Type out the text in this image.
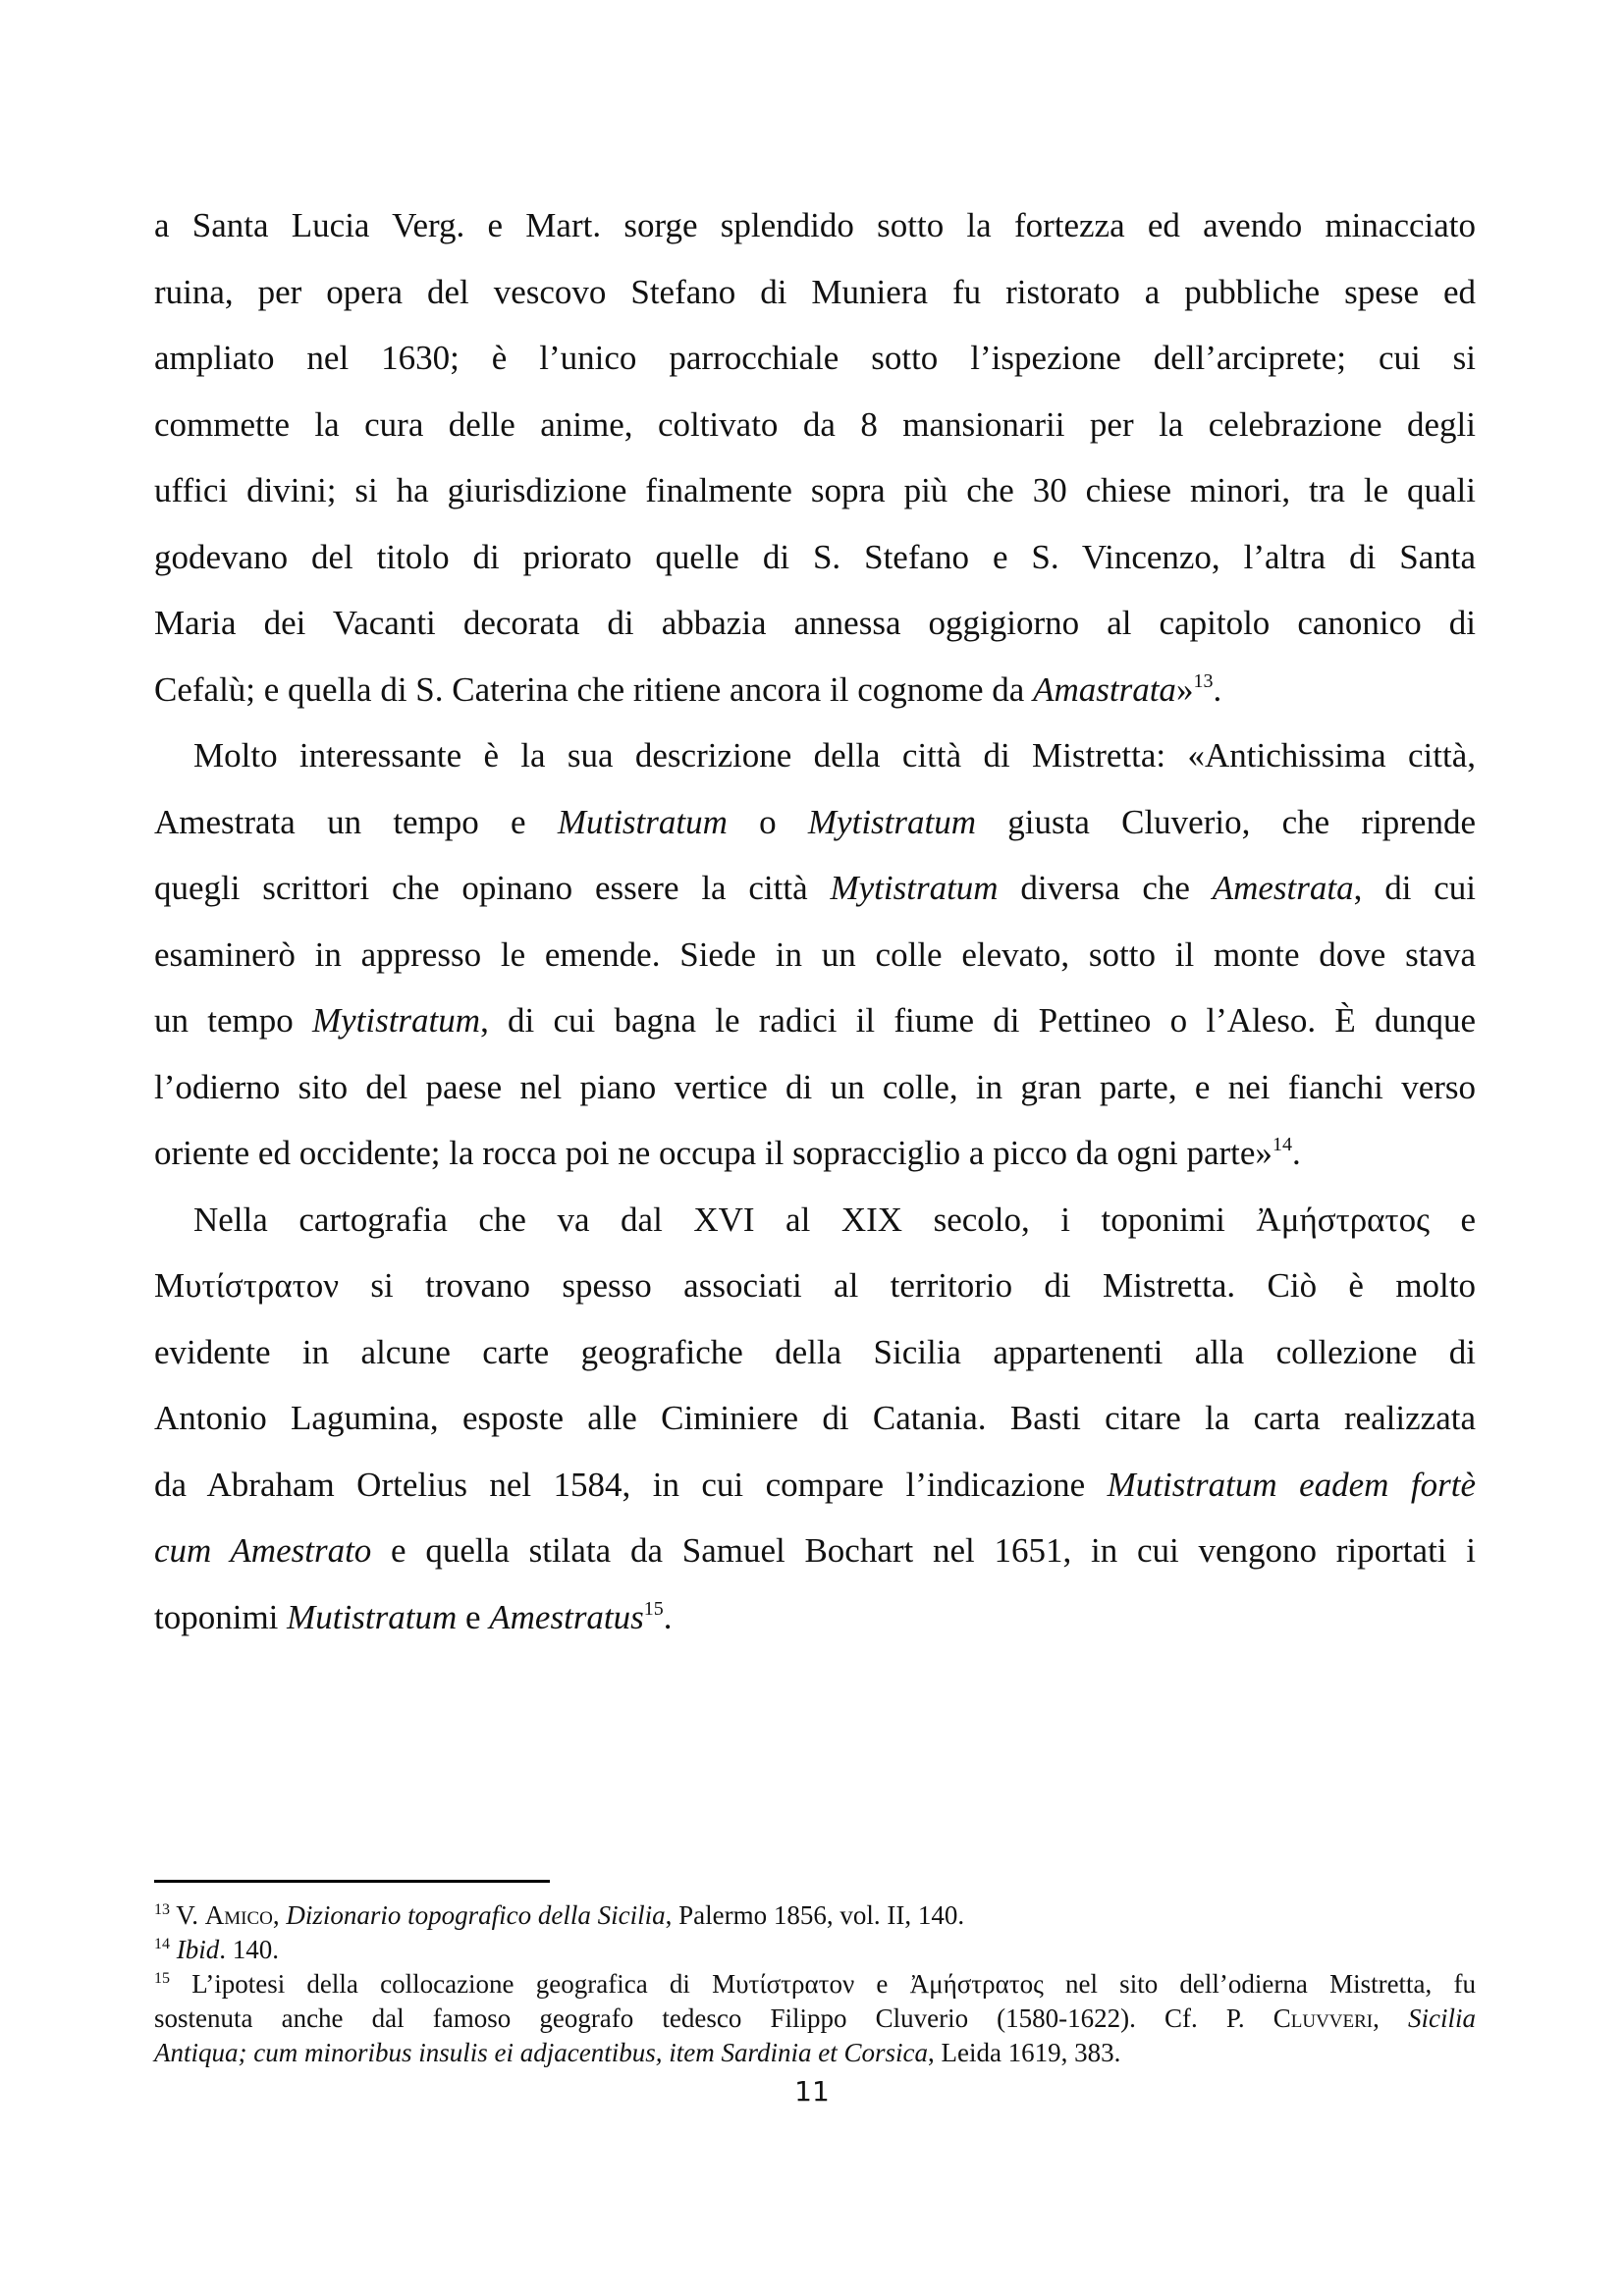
a Santa Lucia Verg. e Mart. sorge splendido sotto la fortezza ed avendo minacciato
ruina, per opera del vescovo Stefano di Muniera fu ristorato a pubbliche spese ed
ampliato nel 1630; è l’unico parrocchiale sotto l’ispezione dell’arciprete; cui si
commette la cura delle anime, coltivato da 8 mansionarii per la celebrazione degli
uffici divini; si ha giurisdizione finalmente sopra più che 30 chiese minori, tra le quali
godevano del titolo di priorato quelle di S. Stefano e S. Vincenzo, l’altra di Santa
Maria dei Vacanti decorata di abbazia annessa oggigiorno al capitolo canonico di
Cefalù; e quella di S. Caterina che ritiene ancora il cognome da Amastrata»$^{13}$.
Molto interessante è la sua descrizione della città di Mistretta: «Antichissima città,
Amestrata un tempo e Mutistratum o Mytistratum giusta Cluverio, che riprende
quegli scrittori che opinano essere la città Mytistratum diversa che Amestrata, di cui
esaminerò in appresso le emende. Siede in un colle elevato, sotto il monte dove stava
un tempo Mytistratum, di cui bagna le radici il fiume di Pettineo o l’Aleso. È dunque
l’odierno sito del paese nel piano vertice di un colle, in gran parte, e nei fianchi verso
oriente ed occidente; la rocca poi ne occupa il sopracciglio a picco da ogni parte»$^{14}$.
Nella cartografia che va dal XVI al XIX secolo, i toponimi Ἀμήστρατος e
Μυτίστρατον si trovano spesso associati al territorio di Mistretta. Ciò è molto
evidente in alcune carte geografiche della Sicilia appartenenti alla collezione di
Antonio Lagumina, esposte alle Ciminiere di Catania. Basti citare la carta realizzata
da Abraham Ortelius nel 1584, in cui compare l’indicazione Mutistratum eadem fortè
cum Amestrato e quella stilata da Samuel Bochart nel 1651, in cui vengono riportati i
toponimi Mutistratum e Amestratus$^{15}$.
$^{13}$ V. Amico, Dizionario topografico della Sicilia, Palermo 1856, vol. II, 140.
$^{14}$ Ibid. 140.
$^{15}$ L’ipotesi della collocazione geografica di Μυτίστρατον e Ἀμήστρατος nel sito dell’odierna Mistretta, fu
sostenuta anche dal famoso geografo tedesco Filippo Cluverio (1580-1622). Cf. P. Cluvveri, Sicilia
Antiqua; cum minoribus insulis ei adjacentibus, item Sardinia et Corsica, Leida 1619, 383.
11
